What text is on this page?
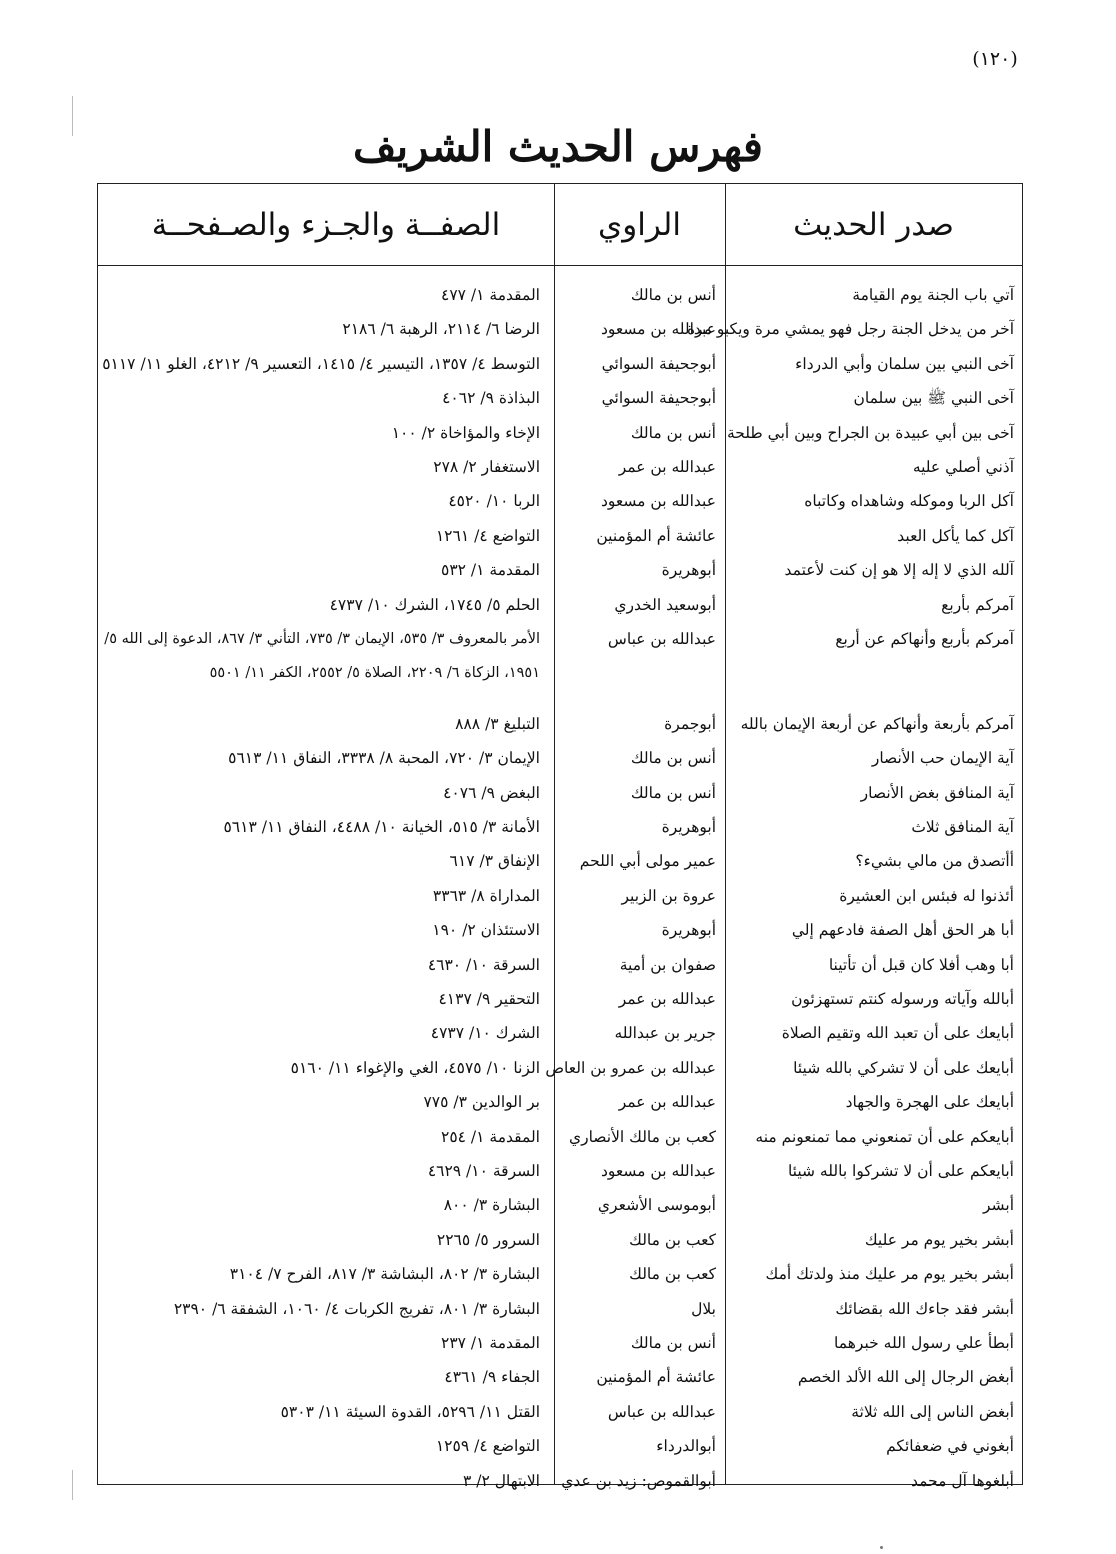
(١٢٠)
فهرس الحديث الشريف
صدر الحديث
الراوي
الصفــة والجـزء والصـفحــة
آتي باب الجنة يوم القيامة
أنس بن مالك
المقدمة ١/ ٤٧٧
آخر من يدخل الجنة رجل فهو يمشي مرة ويكبو مرة
عبدالله بن مسعود
الرضا ٦/ ٢١١٤، الرهبة ٦/ ٢١٨٦
آخى النبي بين سلمان وأبي الدرداء
أبوجحيفة السوائي
التوسط ٤/ ١٣٥٧، التيسير ٤/ ١٤١٥، التعسير ٩/ ٤٢١٢، الغلو ١١/ ٥١١٧
آخى النبي ﷺ بين سلمان
أبوجحيفة السوائي
البذاذة ٩/ ٤٠٦٢
آخى بين أبي عبيدة بن الجراح وبين أبي طلحة
أنس بن مالك
الإخاء والمؤاخاة ٢/ ١٠٠
آذني أصلي عليه
عبدالله بن عمر
الاستغفار ٢/ ٢٧٨
آكل الربا وموكله وشاهداه وكاتباه
عبدالله بن مسعود
الربا ١٠/ ٤٥٢٠
آكل كما يأكل العبد
عائشة أم المؤمنين
التواضع ٤/ ١٢٦١
آلله الذي لا إله إلا هو إن كنت لأعتمد
أبوهريرة
المقدمة ١/ ٥٣٢
آمركم بأربع
أبوسعيد الخدري
الحلم ٥/ ١٧٤٥، الشرك ١٠/ ٤٧٣٧
آمركم بأربع وأنهاكم عن أربع
عبدالله بن عباس
الأمر بالمعروف ٣/ ٥٣٥، الإيمان ٣/ ٧٣٥، التأني ٣/ ٨٦٧، الدعوة إلى الله ٥/ ١٩٥١، الزكاة ٦/ ٢٢٠٩، الصلاة ٥/ ٢٥٥٢، الكفر ١١/ ٥٥٠١
آمركم بأربعة وأنهاكم عن أربعة الإيمان بالله
أبوجمرة
التبليغ ٣/ ٨٨٨
آية الإيمان حب الأنصار
أنس بن مالك
الإيمان ٣/ ٧٢٠، المحبة ٨/ ٣٣٣٨، النفاق ١١/ ٥٦١٣
آية المنافق بغض الأنصار
أنس بن مالك
البغض ٩/ ٤٠٧٦
آية المنافق ثلاث
أبوهريرة
الأمانة ٣/ ٥١٥، الخيانة ١٠/ ٤٤٨٨، النفاق ١١/ ٥٦١٣
أأتصدق من مالي بشيء؟
عمير مولى أبي اللحم
الإنفاق ٣/ ٦١٧
أئذنوا له فبئس ابن العشيرة
عروة بن الزبير
المداراة ٨/ ٣٣٦٣
أبا هر الحق أهل الصفة فادعهم إلي
أبوهريرة
الاستئذان ٢/ ١٩٠
أبا وهب أفلا كان قبل أن تأتينا
صفوان بن أمية
السرقة ١٠/ ٤٦٣٠
أبالله وآياته ورسوله كنتم تستهزئون
عبدالله بن عمر
التحقير ٩/ ٤١٣٧
أبايعك على أن تعبد الله وتقيم الصلاة
جرير بن عبدالله
الشرك ١٠/ ٤٧٣٧
أبايعك على أن لا تشركي بالله شيئا
عبدالله بن عمرو بن العاص
الزنا ١٠/ ٤٥٧٥، الغي والإغواء ١١/ ٥١٦٠
أبايعك على الهجرة والجهاد
عبدالله بن عمر
بر الوالدين ٣/ ٧٧٥
أبايعكم على أن تمنعوني مما تمنعونم منه
كعب بن مالك الأنصاري
المقدمة ١/ ٢٥٤
أبايعكم على أن لا تشركوا بالله شيئا
عبدالله بن مسعود
السرقة ١٠/ ٤٦٢٩
أبشر
أبوموسى الأشعري
البشارة ٣/ ٨٠٠
أبشر بخير يوم مر عليك
كعب بن مالك
السرور ٥/ ٢٢٦٥
أبشر بخير يوم مر عليك منذ ولدتك أمك
كعب بن مالك
البشارة ٣/ ٨٠٢، البشاشة ٣/ ٨١٧، الفرح ٧/ ٣١٠٤
أبشر فقد جاءك الله بقضائك
بلال
البشارة ٣/ ٨٠١، تفريج الكربات ٤/ ١٠٦٠، الشفقة ٦/ ٢٣٩٠
أبطأ علي رسول الله خبرهما
أنس بن مالك
المقدمة ١/ ٢٣٧
أبغض الرجال إلى الله الألد الخصم
عائشة أم المؤمنين
الجفاء ٩/ ٤٣٦١
أبغض الناس إلى الله ثلاثة
عبدالله بن عباس
القتل ١١/ ٥٢٩٦، القدوة السيئة ١١/ ٥٣٠٣
أبغوني في ضعفائكم
أبوالدرداء
التواضع ٤/ ١٢٥٩
أبلغوها آل محمد
أبوالقموص: زيد بن عدي
الابتهال ٢/ ٣
